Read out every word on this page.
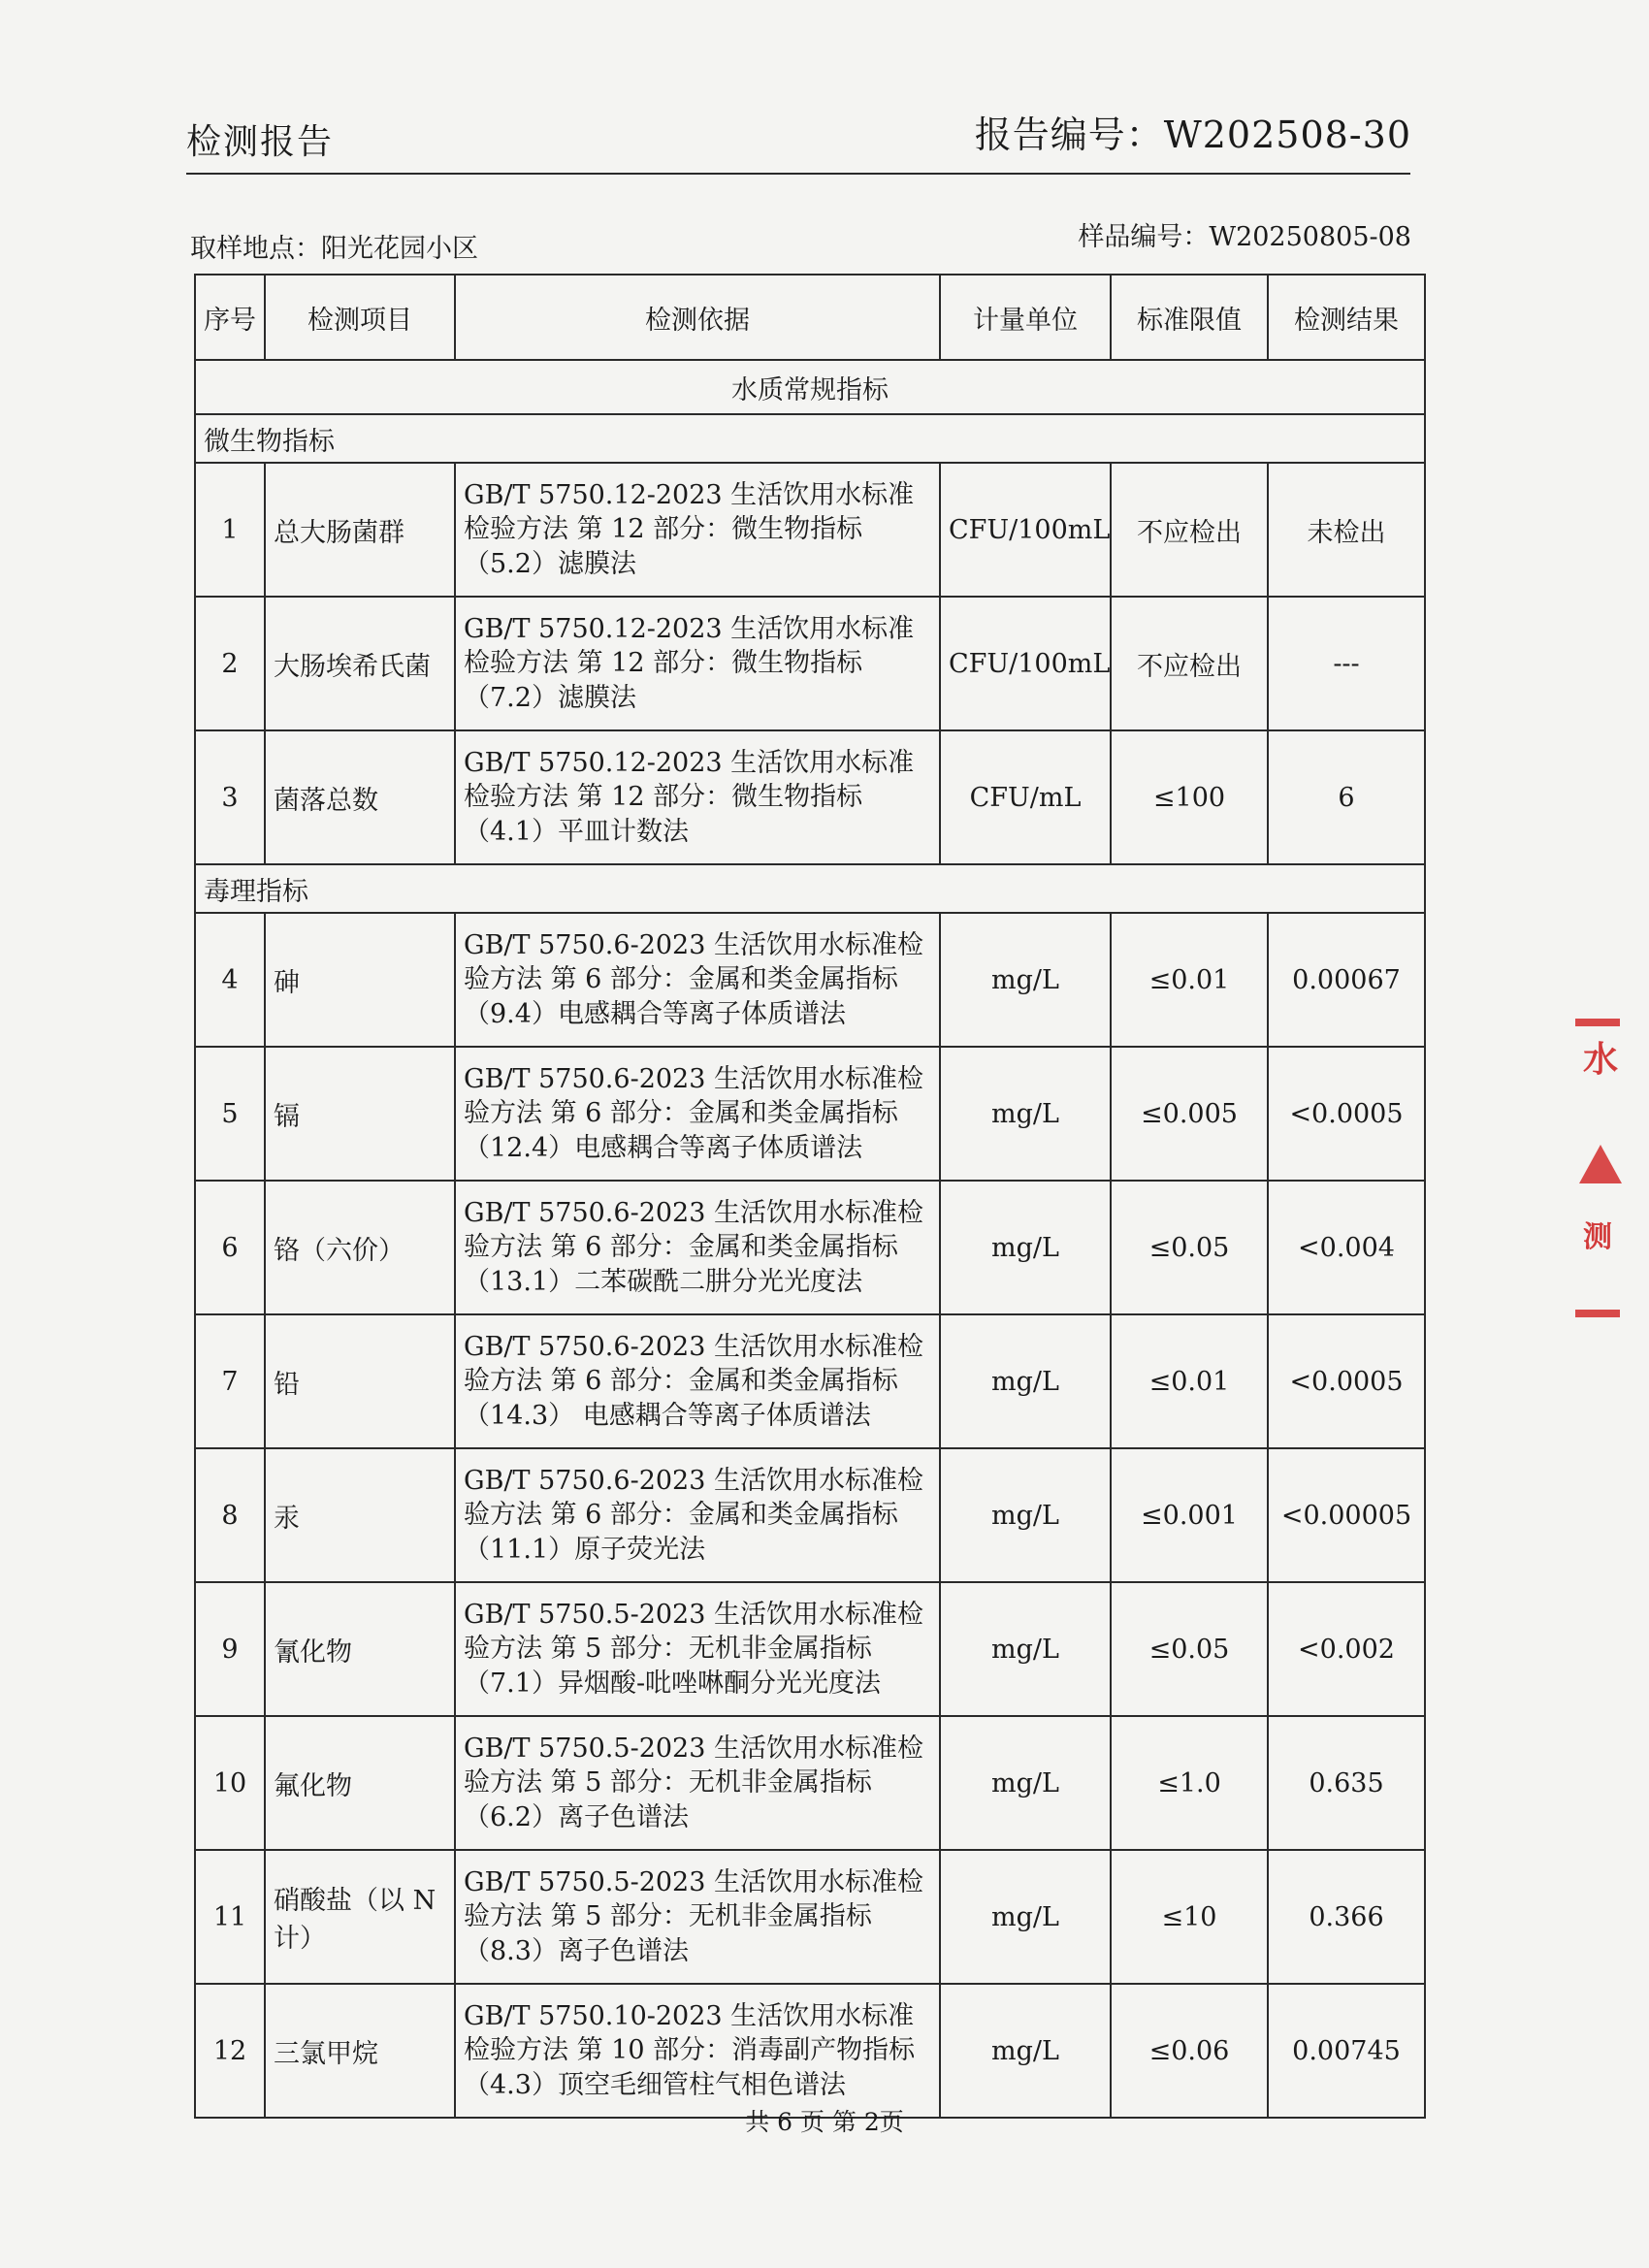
检测报告	报告编号：W202508-30
取样地点：阳光花园小区	样品编号：W20250805-08
序号	检测项目	检测依据	计量单位	标准限值	检测结果
水质常规指标					
微生物指标					
1	总大肠菌群	GB/T 5750.12-2023 生活饮用水标准检验方法 第 12 部分：微生物指标（5.2）滤膜法	CFU/100mL	不应检出	未检出
2	大肠埃希氏菌	GB/T 5750.12-2023 生活饮用水标准检验方法 第 12 部分：微生物指标（7.2）滤膜法	CFU/100mL	不应检出	---
3	菌落总数	GB/T 5750.12-2023 生活饮用水标准检验方法 第 12 部分：微生物指标（4.1）平皿计数法	CFU/mL	≤100	6
毒理指标					
4	砷	GB/T 5750.6-2023 生活饮用水标准检验方法 第 6 部分：金属和类金属指标（9.4）电感耦合等离子体质谱法	mg/L	≤0.01	0.00067
5	镉	GB/T 5750.6-2023 生活饮用水标准检验方法 第 6 部分：金属和类金属指标（12.4）电感耦合等离子体质谱法	mg/L	≤0.005	<0.0005
6	铬（六价）	GB/T 5750.6-2023 生活饮用水标准检验方法 第 6 部分：金属和类金属指标（13.1）二苯碳酰二肼分光光度法	mg/L	≤0.05	<0.004
7	铅	GB/T 5750.6-2023 生活饮用水标准检验方法 第 6 部分：金属和类金属指标（14.3） 电感耦合等离子体质谱法	mg/L	≤0.01	<0.0005
8	汞	GB/T 5750.6-2023 生活饮用水标准检验方法 第 6 部分：金属和类金属指标（11.1）原子荧光法	mg/L	≤0.001	<0.00005
9	氰化物	GB/T 5750.5-2023 生活饮用水标准检验方法 第 5 部分：无机非金属指标（7.1）异烟酸-吡唑啉酮分光光度法	mg/L	≤0.05	<0.002
10	氟化物	GB/T 5750.5-2023 生活饮用水标准检验方法 第 5 部分：无机非金属指标（6.2）离子色谱法	mg/L	≤1.0	0.635
11	硝酸盐（以 N 计）	GB/T 5750.5-2023 生活饮用水标准检验方法 第 5 部分：无机非金属指标（8.3）离子色谱法	mg/L	≤10	0.366
12	三氯甲烷	GB/T 5750.10-2023 生活饮用水标准检验方法 第 10 部分：消毒副产物指标（4.3）顶空毛细管柱气相色谱法	mg/L	≤0.06	0.00745
共 6 页 第 2页
水
测
